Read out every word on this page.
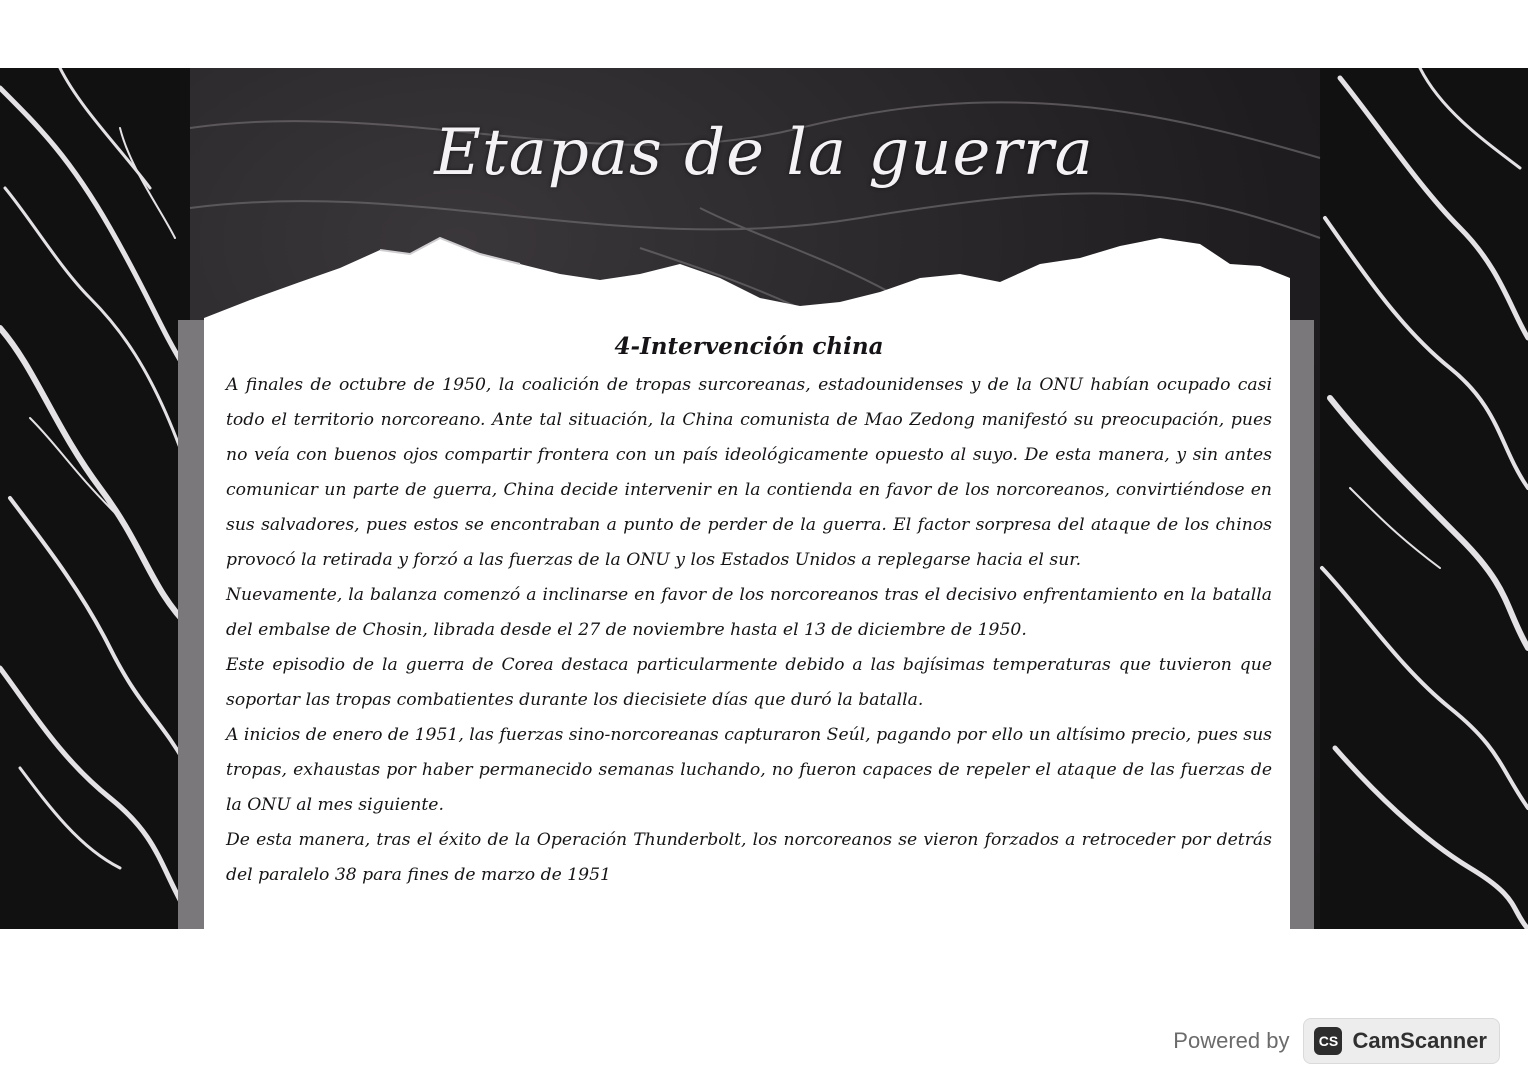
Etapas de la guerra
4-Intervención china

A finales de octubre de 1950, la coalición de tropas surcoreanas, estadounidenses y de la ONU habían ocupado casi todo el territorio norcoreano. Ante tal situación, la China comunista de Mao Zedong manifestó su preocupación, pues no veía con buenos ojos compartir frontera con un país ideológicamente opuesto al suyo. De esta manera, y sin antes comunicar un parte de guerra, China decide intervenir en la contienda en favor de los norcoreanos, convirtiéndose en sus salvadores, pues estos se encontraban a punto de perder de la guerra. El factor sorpresa del ataque de los chinos provocó la retirada y forzó a las fuerzas de la ONU y los Estados Unidos a replegarse hacia el sur.

Nuevamente, la balanza comenzó a inclinarse en favor de los norcoreanos tras el decisivo enfrentamiento en la batalla del embalse de Chosin, librada desde el 27 de noviembre hasta el 13 de diciembre de 1950.

Este episodio de la guerra de Corea destaca particularmente debido a las bajísimas temperaturas que tuvieron que soportar las tropas combatientes durante los diecisiete días que duró la batalla.

A inicios de enero de 1951, las fuerzas sino-norcoreanas capturaron Seúl, pagando por ello un altísimo precio, pues sus tropas, exhaustas por haber permanecido semanas luchando, no fueron capaces de repeler el ataque de las fuerzas de la ONU al mes siguiente.

De esta manera, tras el éxito de la Operación Thunderbolt, los norcoreanos se vieron forzados a retroceder por detrás del paralelo 38 para fines de marzo de 1951

Powered by	CS CamScanner
